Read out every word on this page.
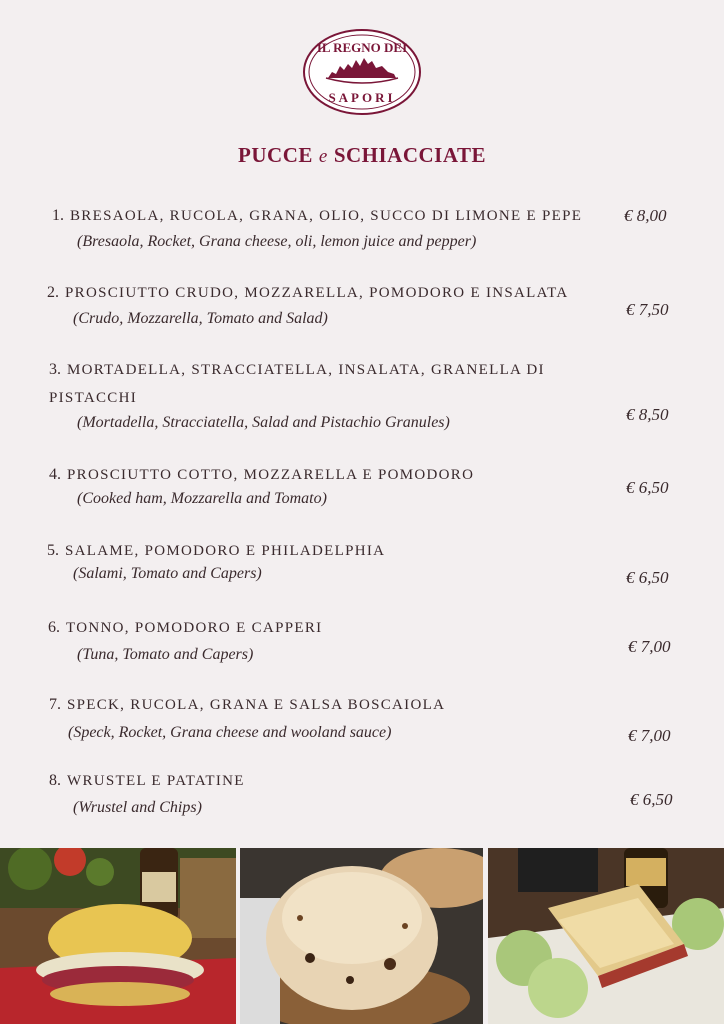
IL REGNO DEI
SAPORI
PUCCE e SCHIACCIATE
1. BRESAOLA, RUCOLA, GRANA, OLIO, SUCCO DI LIMONE E PEPE
(Bresaola, Rocket, Grana cheese, oli, lemon juice and pepper)
€ 8,00
2. PROSCIUTTO CRUDO, MOZZARELLA, POMODORO E INSALATA
(Crudo, Mozzarella, Tomato and Salad)	€ 7,50
3. MORTADELLA, STRACCIATELLA, INSALATA, GRANELLA DI
PISTACCHI
(Mortadella, Stracciatella, Salad and Pistachio Granules)	€ 8,50
4. PROSCIUTTO COTTO, MOZZARELLA E POMODORO
(Cooked ham, Mozzarella and Tomato)
€ 6,50
5. SALAME, POMODORO E PHILADELPHIA
(Salami, Tomato and Capers)	€ 6,50
6. TONNO, POMODORO E CAPPERI
(Tuna, Tomato and Capers)	€ 7,00
7. SPECK, RUCOLA, GRANA E SALSA BOSCAIOLA
(Speck, Rocket, Grana cheese and wooland sauce)	€ 7,00
8. WRUSTEL E PATATINE
(Wrustel and Chips)	€ 6,50
